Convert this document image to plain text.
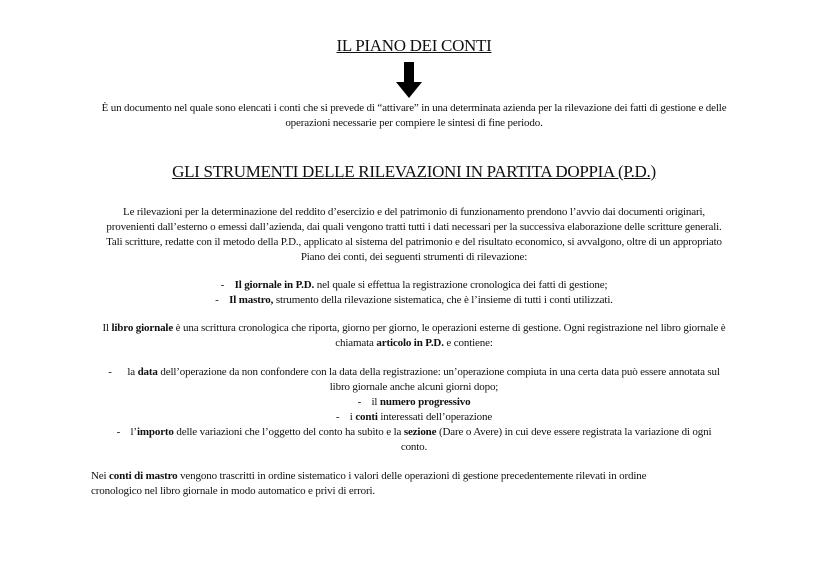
IL PIANO DEI CONTI
È un documento nel quale sono elencati i conti che si prevede di “attivare” in una determinata azienda per la rilevazione dei fatti di gestione e delle
operazioni necessarie per compiere le sintesi di fine periodo.
GLI STRUMENTI DELLE RILEVAZIONI IN PARTITA DOPPIA (P.D.)
Le rilevazioni per la determinazione del reddito d’esercizio e del patrimonio di funzionamento prendono l’avvio dai documenti originari,
provenienti dall’esterno o emessi dall’azienda, dai quali vengono tratti tutti i dati necessari per la successiva elaborazione delle scritture generali.
Tali scritture, redatte con il metodo della P.D., applicato al sistema del patrimonio e del risultato economico, si avvalgono, oltre di un appropriato
Piano dei conti, dei seguenti strumenti di rilevazione:
- Il giornale in P.D. nel quale si effettua la registrazione cronologica dei fatti di gestione;
- Il mastro, strumento della rilevazione sistematica, che è l’insieme di tutti i conti utilizzati.
Il libro giornale è una scrittura cronologica che riporta, giorno per giorno, le operazioni esterne di gestione. Ogni registrazione nel libro giornale è
chiamata articolo in P.D. e contiene:
- la data dell’operazione da non confondere con la data della registrazione: un’operazione compiuta in una certa data può essere annotata sul
libro giornale anche alcuni giorni dopo;
- il numero progressivo
- i conti interessati dell’operazione
- l’importo delle variazioni che l’oggetto del conto ha subìto e la sezione (Dare o Avere) in cui deve essere registrata la variazione di ogni
conto.
Nei conti di mastro vengono trascritti in ordine sistematico i valori delle operazioni di gestione precedentemente rilevati in ordine
cronologico nel libro giornale in modo automatico e privi di errori.
